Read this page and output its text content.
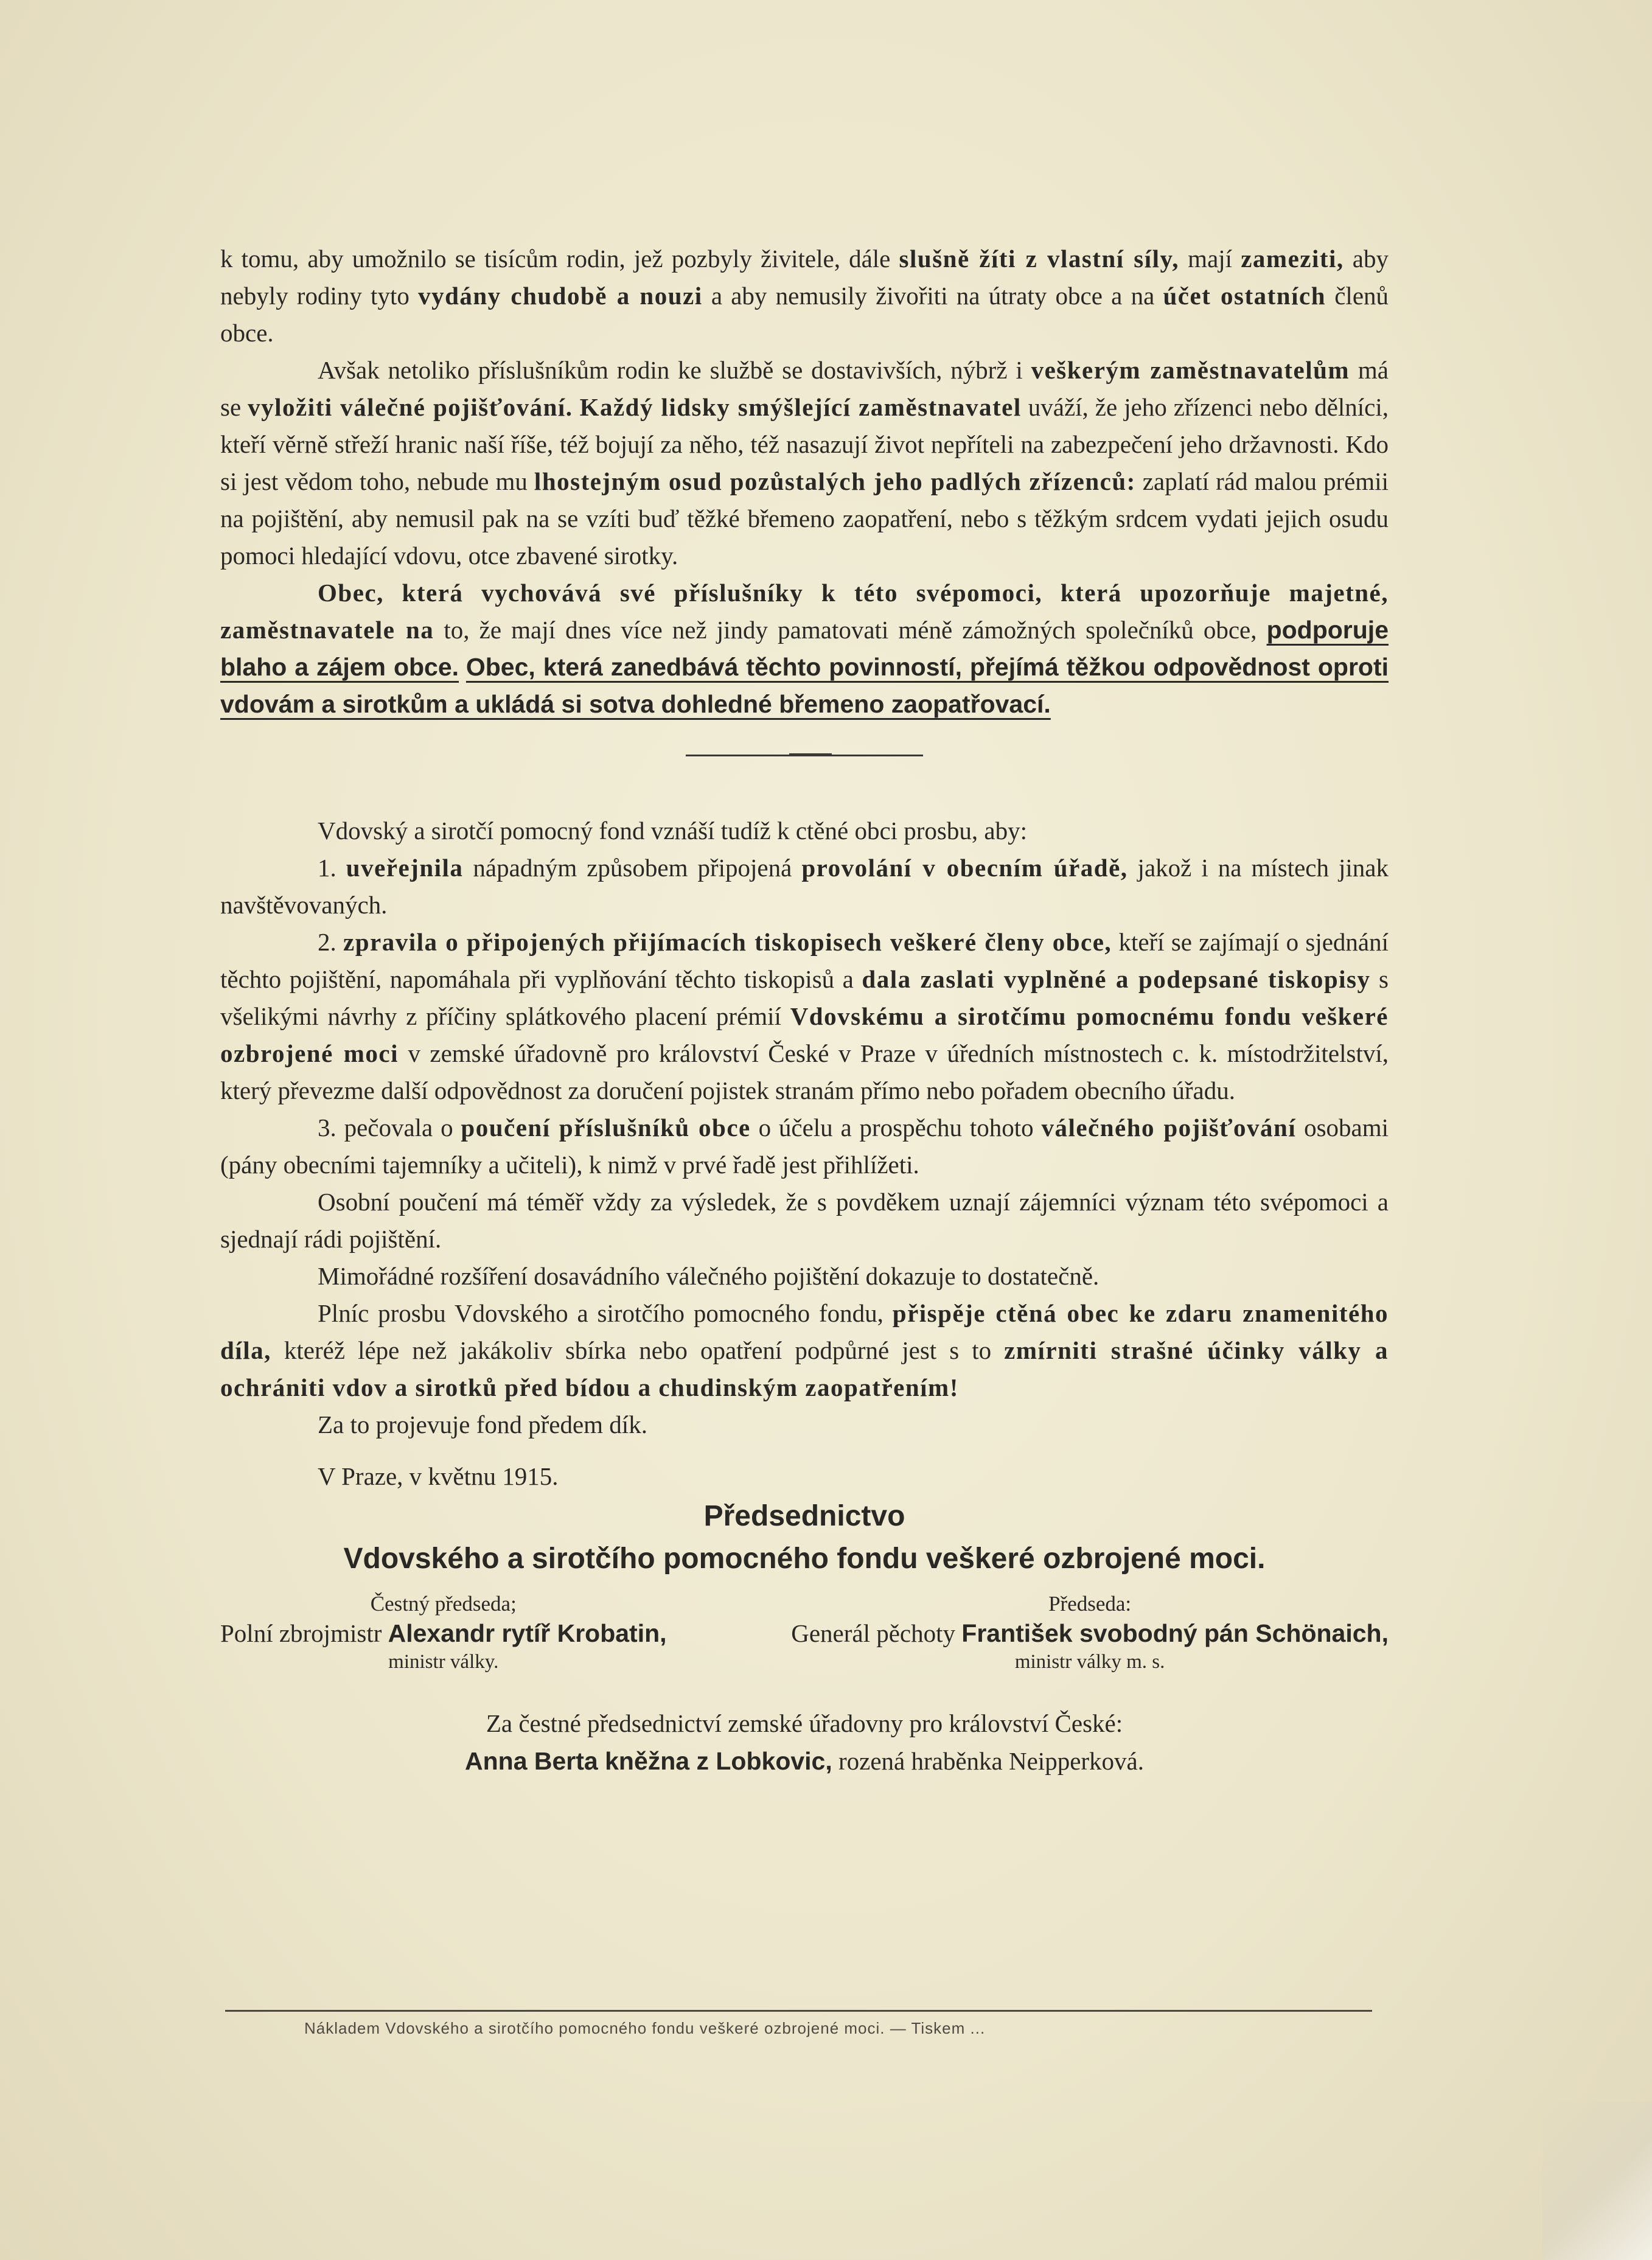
k tomu, aby umožnilo se tisícům rodin, jež pozbyly živitele, dále slušně žíti z vlastní síly, mají zameziti, aby nebyly rodiny tyto vydány chudobě a nouzi a aby nemusily živořiti na útraty obce a na účet ostatních členů obce.

Avšak netoliko příslušníkům rodin ke službě se dostavivších, nýbrž i veškerým zaměstnavatelům má se vyložiti válečné pojišťování. Každý lidsky smýšlející zaměstnavatel uváží, že jeho zřízenci nebo dělníci, kteří věrně střeží hranic naší říše, též bojují za něho, též nasazují život nepříteli na zabezpečení jeho državnosti. Kdo si jest vědom toho, nebude mu lhostejným osud pozůstalých jeho padlých zřízenců: zaplatí rád malou prémii na pojištění, aby nemusil pak na se vzíti buď těžké břemeno zaopatření, nebo s těžkým srdcem vydati jejich osudu pomoci hledající vdovu, otce zbavené sirotky.

Obec, která vychovává své příslušníky k této svépomoci, která upozorňuje majetné, zaměstnavatele na to, že mají dnes více než jindy pamatovati méně zámožných společníků obce, podporuje blaho a zájem obce. Obec, která zanedbává těchto povinností, přejímá těžkou odpovědnost oproti vdovám a sirotkům a ukládá si sotva dohledné břemeno zaopatřovací.

Vdovský a sirotčí pomocný fond vznáší tudíž k ctěné obci prosbu, aby:

1. uveřejnila nápadným způsobem připojená provolání v obecním úřadě, jakož i na místech jinak navštěvovaných.

2. zpravila o připojených přijímacích tiskopisech veškeré členy obce, kteří se zajímají o sjednání těchto pojištění, napomáhala při vyplňování těchto tiskopisů a dala zaslati vyplněné a podepsané tiskopisy s všelikými návrhy z příčiny splátkového placení prémií Vdovskému a sirotčímu pomocnému fondu veškeré ozbrojené moci v zemské úřadovně pro království České v Praze v úředních místnostech c. k. místodržitelství, který převezme další odpovědnost za doručení pojistek stranám přímo nebo pořadem obecního úřadu.

3. pečovala o poučení příslušníků obce o účelu a prospěchu tohoto válečného pojišťování osobami (pány obecními tajemníky a učiteli), k nimž v prvé řadě jest přihlížeti.

Osobní poučení má téměř vždy za výsledek, že s povděkem uznají zájemníci význam této svépomoci a sjednají rádi pojištění.

Mimořádné rozšíření dosavádního válečného pojištění dokazuje to dostatečně.

Plníc prosbu Vdovského a sirotčího pomocného fondu, přispěje ctěná obec ke zdaru znamenitého díla, kteréž lépe než jakákoliv sbírka nebo opatření podpůrné jest s to zmírniti strašné účinky války a ochrániti vdov a sirotků před bídou a chudinským zaopatřením!

Za to projevuje fond předem dík.

V Praze, v květnu 1915.

Předsednictvo

Vdovského a sirotčího pomocného fondu veškeré ozbrojené moci.

Čestný předseda;
Polní zbrojmistr Alexandr rytíř Krobatin,
ministr války.
Předseda:
Generál pěchoty František svobodný pán Schönaich,
ministr války m. s.
Za čestné předsednictví zemské úřadovny pro království České:
Anna Berta kněžna z Lobkovic, rozená hraběnka Neipperková.
Nákladem Vdovského a sirotčího pomocného fondu veškeré ozbrojené moci. — Tiskem ...
